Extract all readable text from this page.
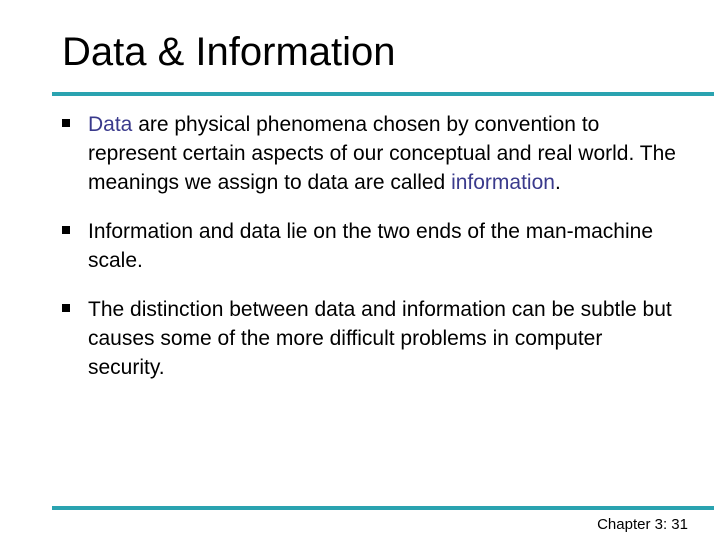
Data & Information
Data are physical phenomena chosen by convention to represent certain aspects of our conceptual and real world. The meanings we assign to data are called information.
Information and data lie on the two ends of the man-machine scale.
The distinction between data and information can be subtle but causes some of the more difficult problems in computer security.
Chapter 3: 31
